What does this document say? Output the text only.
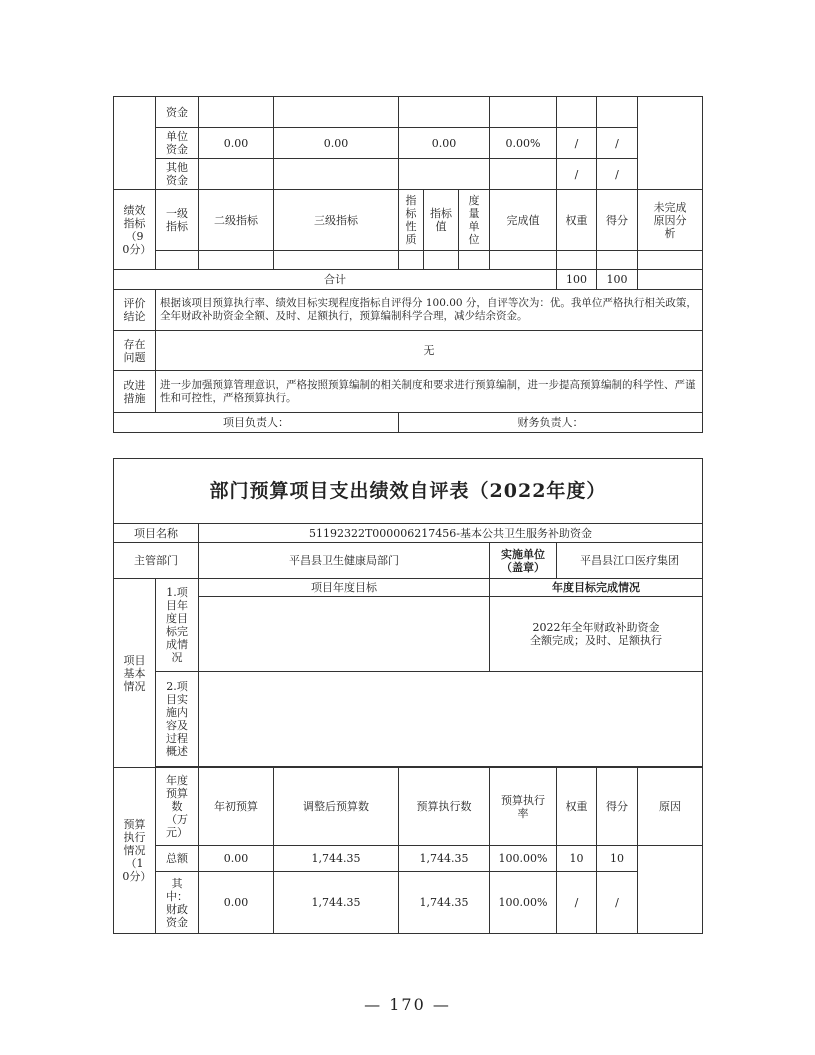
	资金									
	单位资金	0.00	0.00	0.00			0.00%	/	/	
	其他资金							/	/	
绩效指标（90分）	一级指标	二级指标	三级指标	指标性质	指标值	度量单位	完成值	权重	得分	未完成原因分析

合计								100	100	
评价结论	根据该项目预算执行率、绩效目标实现程度指标自评得分 100.00 分，自评等次为：优。我单位严格执行相关政策，全年财政补助资金全额、及时、足额执行，预算编制科学合理，减少结余资金。									
存在问题	无									
改进措施	进一步加强预算管理意识，严格按照预算编制的相关制度和要求进行预算编制，进一步提高预算编制的科学性、严谨性和可控性，严格预算执行。									
项目负责人：				财务负责人：						
部门预算项目支出绩效自评表（2022年度）								
项目名称		51192322T000006217456-基本公共卫生服务补助资金						
主管部门		平昌县卫生健康局部门			实施单位（盖章）	平昌县江口医疗集团		
项目基本情况	1.项目年度目标完成情况	项目年度目标			年度目标完成情况			
					2022年全年财政补助资金全额完成；及时、足额执行			
	2.项目实施内容及过程概述							

预算执行情况（10分）	年度预算数（万元）	年初预算	调整后预算数	预算执行数	预算执行率	权重	得分	原因
	总额	0.00	1,744.35	1,744.35	100.00%	10	10	
	其中：财政资金	0.00	1,744.35	1,744.35	100.00%	/	/	
— 170 —
